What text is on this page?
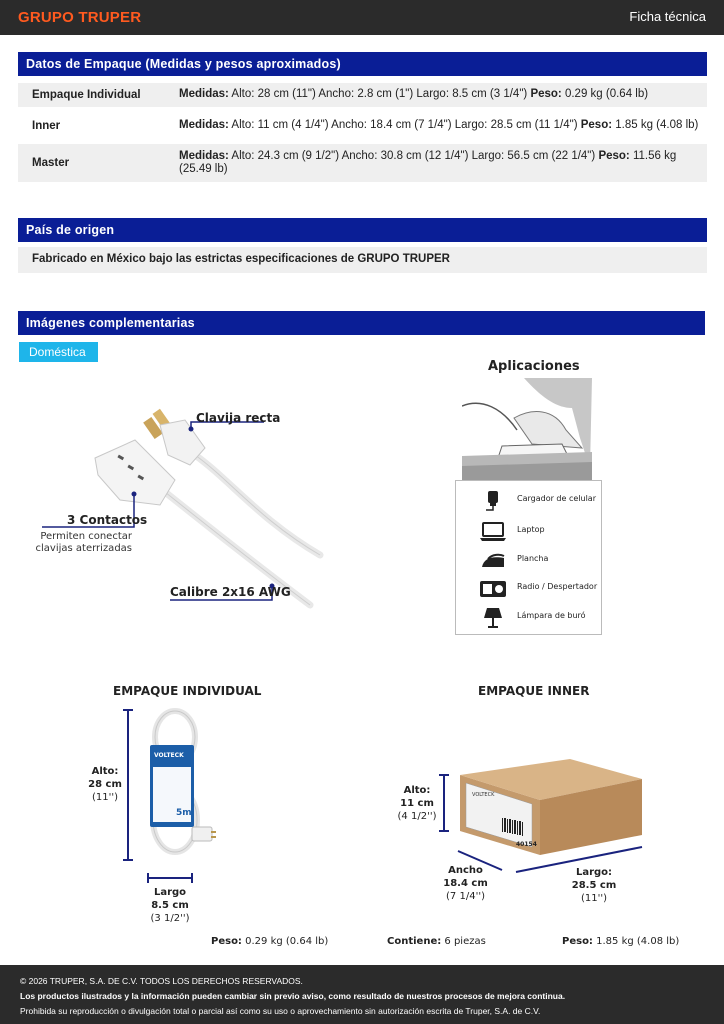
GRUPO TRUPER	Ficha técnica
Datos de Empaque (Medidas y pesos aproximados)
Empaque Individual	Medidas: Alto: 28 cm (11") Ancho: 2.8 cm (1") Largo: 8.5 cm (3 1/4") Peso: 0.29 kg (0.64 lb)
Inner	Medidas: Alto: 11 cm (4 1/4") Ancho: 18.4 cm (7 1/4") Largo: 28.5 cm (11 1/4") Peso: 1.85 kg (4.08 lb)
Master	Medidas: Alto: 24.3 cm (9 1/2") Ancho: 30.8 cm (12 1/4") Largo: 56.5 cm (22 1/4") Peso: 11.56 kg (25.49 lb)
País de origen
Fabricado en México bajo las estrictas especificaciones de GRUPO TRUPER
Imágenes complementarias
Doméstica
Clavija recta
3 Contactos
Permiten conectar
clavijas aterrizadas
Calibre 2x16 AWG
Aplicaciones
Cargador de celular
Laptop
Plancha
Radio / Despertador
Lámpara de buró
EMPAQUE INDIVIDUAL
VOLTECK
5m
Alto:
28 cm
(11'')
Largo
8.5 cm
(3 1/2'')
Peso: 0.29 kg (0.64 lb)
EMPAQUE INNER
VOLTECK
40154
Alto:
11 cm
(4 1/2'')
Ancho
18.4 cm
(7 1/4'')
Largo:
28.5 cm
(11'')
Contiene: 6 piezas	Peso: 1.85 kg (4.08 lb)
© 2026 TRUPER, S.A. DE C.V. TODOS LOS DERECHOS RESERVADOS.
Los productos ilustrados y la información pueden cambiar sin previo aviso, como resultado de nuestros procesos de mejora continua.
Prohibida su reproducción o divulgación total o parcial así como su uso o aprovechamiento sin autorización escrita de Truper, S.A. de C.V.
